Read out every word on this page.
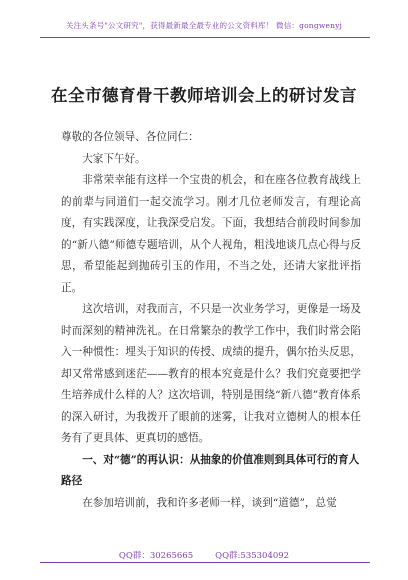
关注头条号"公文研究"，获得最新最全最专业的公文资料库！ 微信：gongwenyj
在全市德育骨干教师培训会上的研讨发言

尊敬的各位领导、各位同仁：

大家下午好。

非常荣幸能有这样一个宝贵的机会，和在座各位教育战线上的前辈与同道们一起交流学习。刚才几位老师发言，有理论高度，有实践深度，让我深受启发。下面，我想结合前段时间参加的“新八德”师德专题培训，从个人视角，粗浅地谈几点心得与反思，希望能起到抛砖引玉的作用，不当之处，还请大家批评指正。

这次培训，对我而言，不只是一次业务学习，更像是一场及时而深刻的精神洗礼。在日常繁杂的教学工作中，我们时常会陷入一种惯性：埋头于知识的传授、成绩的提升，偶尔抬头反思，却又常常感到迷茫——教育的根本究竟是什么？我们究竟要把学生培养成什么样的人？这次培训，特别是围绕“新八德”教育体系的深入研讨，为我拨开了眼前的迷雾，让我对立德树人的根本任务有了更具体、更真切的感悟。

一、对“德”的再认识：从抽象的价值准则到具体可行的育人路径

在参加培训前，我和许多老师一样，谈到“道德”，总觉

QQ群：30265665	QQ群:535304092
